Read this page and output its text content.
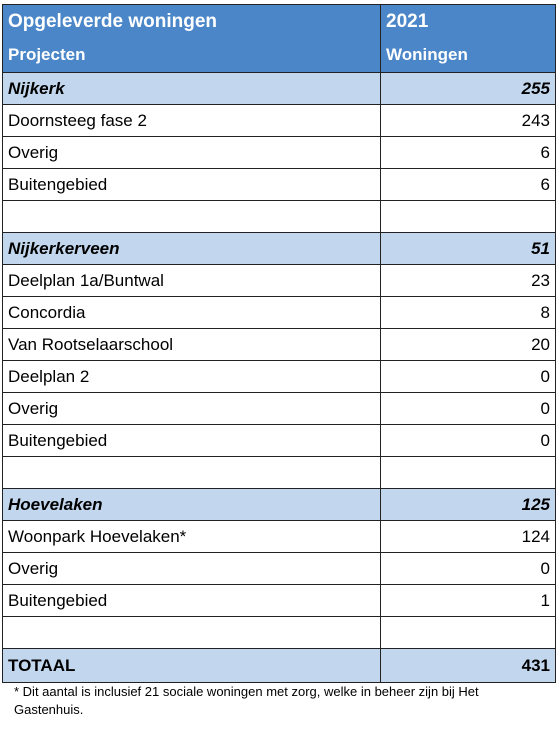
Opgeleverde woningen	2021
Projecten	Woningen
Nijkerk	255
Doornsteeg fase 2	243
Overig	6
Buitengebied	6

Nijkerkerveen	51
Deelplan 1a/Buntwal	23
Concordia	8
Van Rootselaarschool	20
Deelplan 2	0
Overig	0
Buitengebied	0

Hoevelaken	125
Woonpark Hoevelaken*	124
Overig	0
Buitengebied	1

TOTAAL	431
* Dit aantal is inclusief 21 sociale woningen met zorg, welke in beheer zijn bij Het Gastenhuis.
